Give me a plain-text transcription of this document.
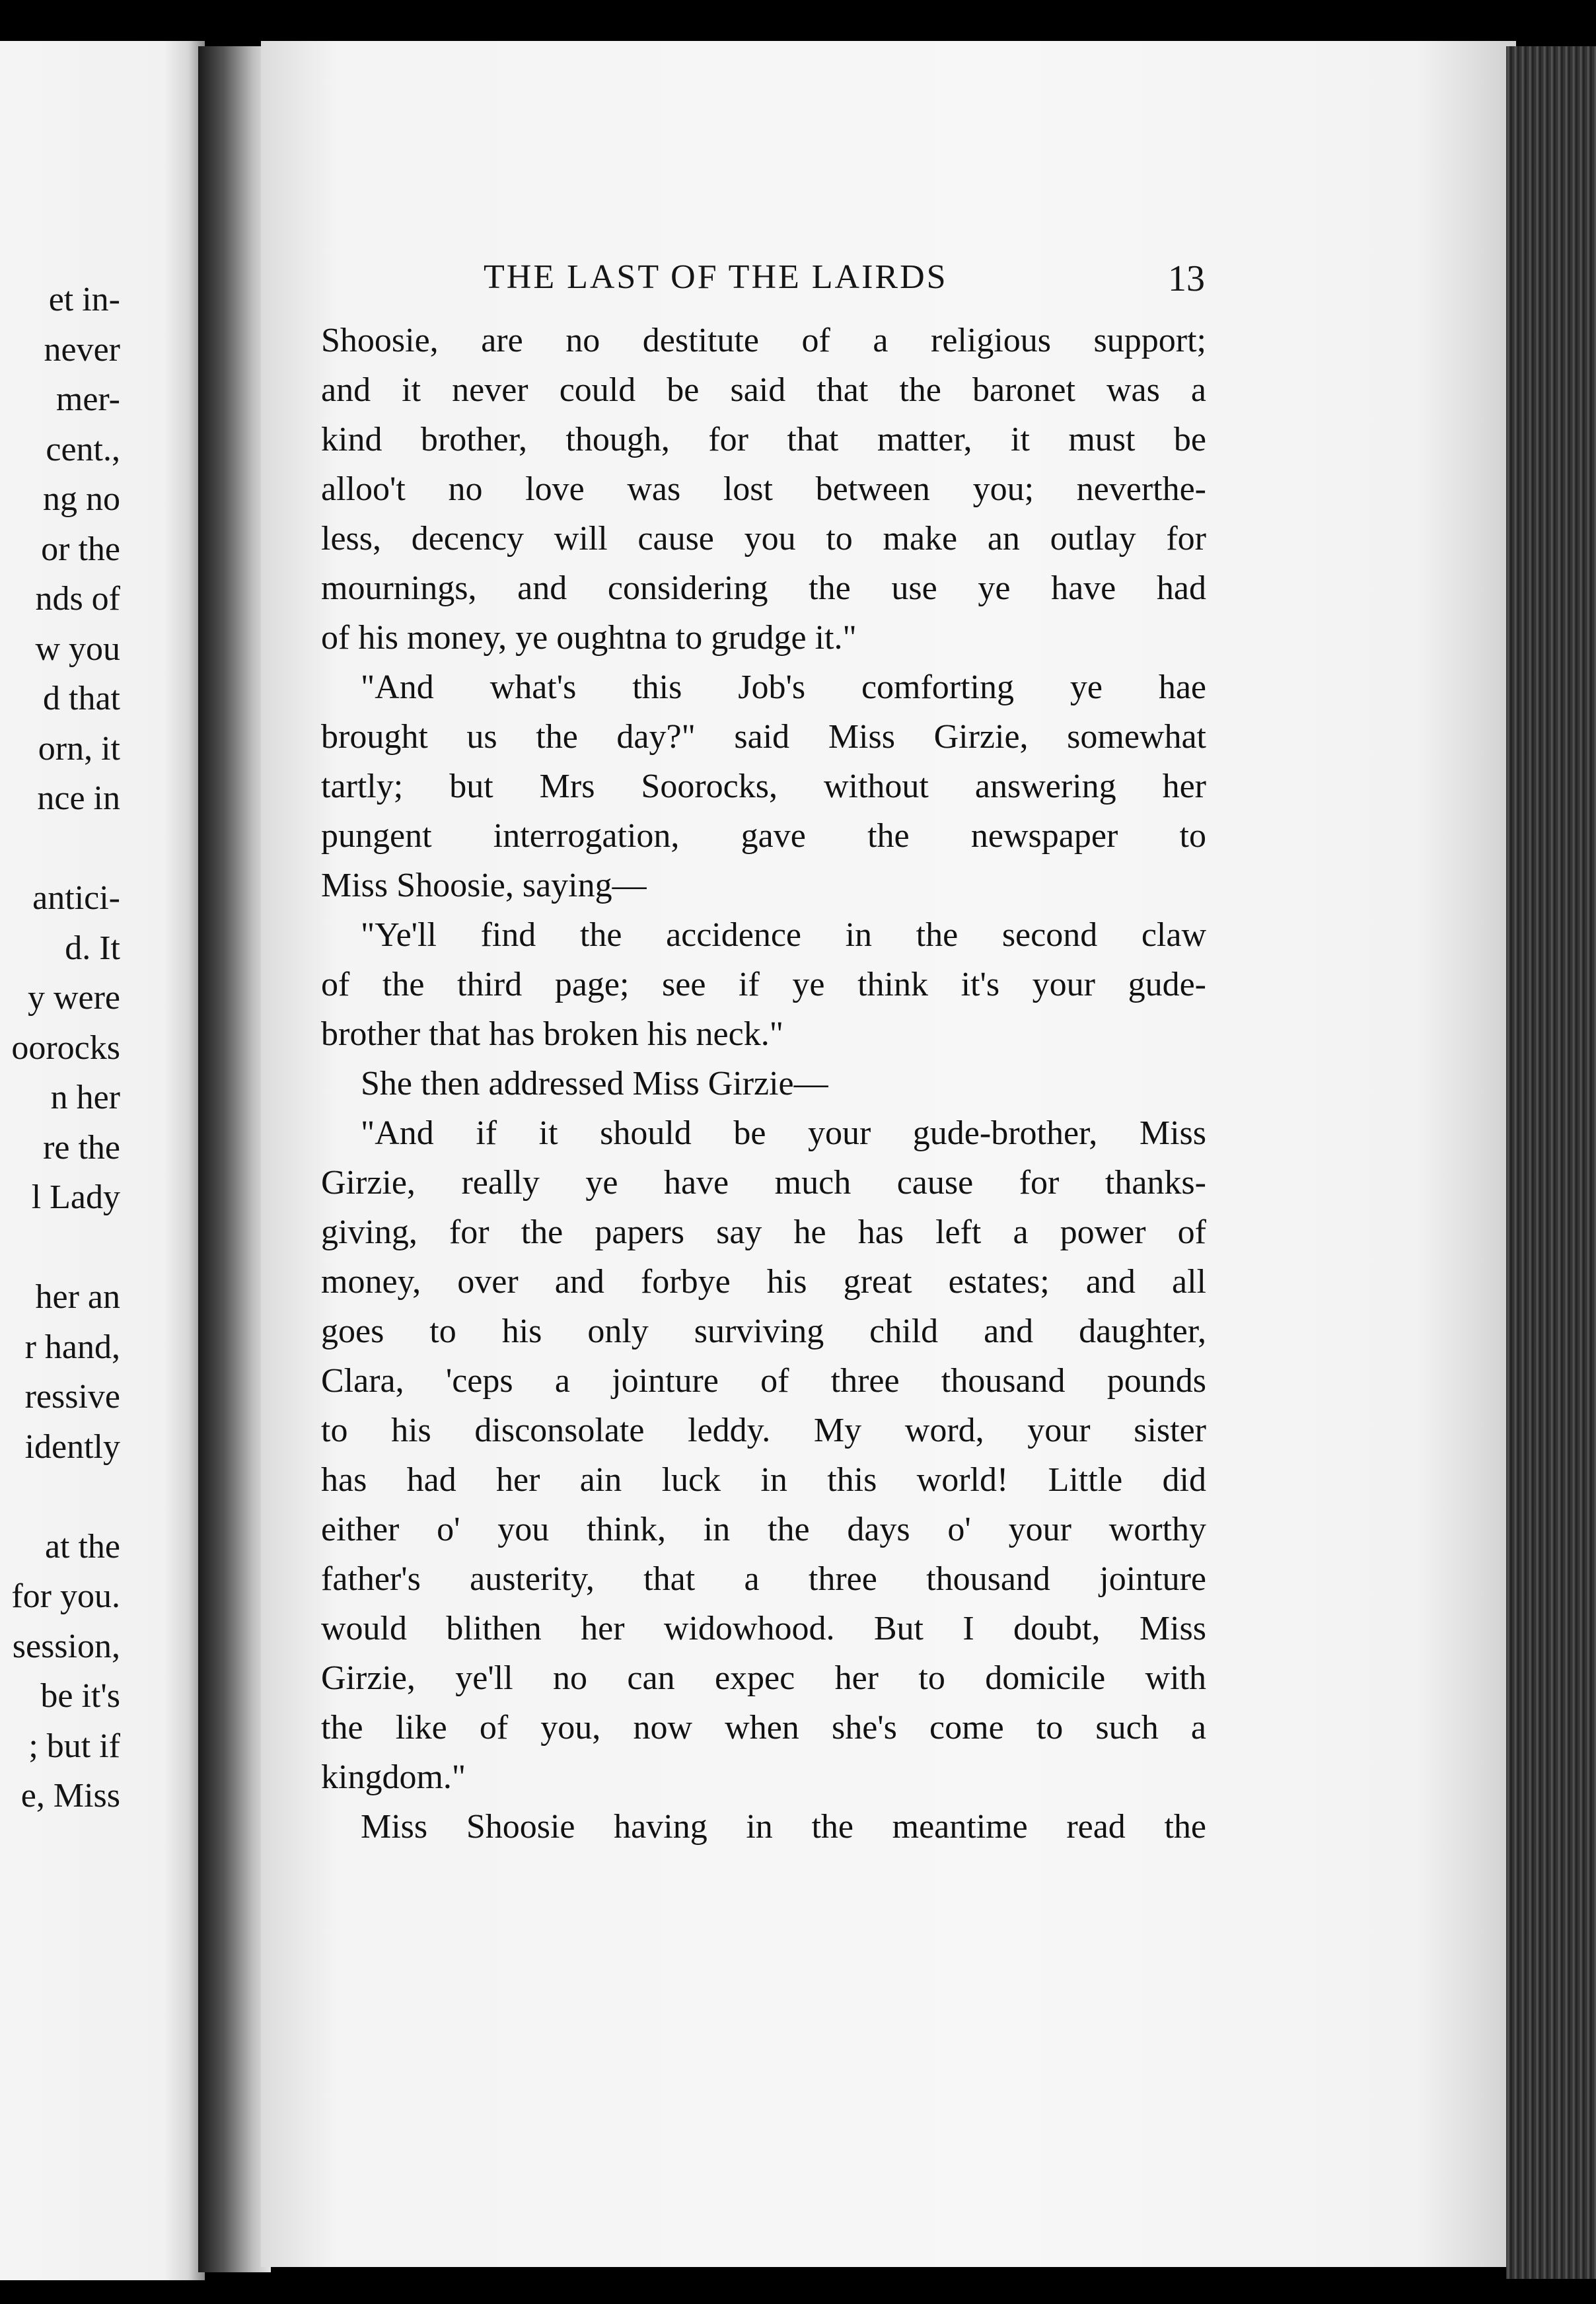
et in-
never
mer-
cent.,
ng no
or the
nds of
w you
d that
orn, it
nce in
antici-
d. It
y were
oorocks
n her
re the
l Lady
her an
r hand,
ressive
idently
at the
for you.
session,
be it's
; but if
e, Miss
THE LAST OF THE LAIRDS	13
Shoosie, are no destitute of a religious support;
and it never could be said that the baronet was a
kind brother, though, for that matter, it must be
alloo't no love was lost between you; neverthe-
less, decency will cause you to make an outlay for
mournings, and considering the use ye have had
of his money, ye oughtna to grudge it."
"And what's this Job's comforting ye hae
brought us the day?" said Miss Girzie, somewhat
tartly; but Mrs Soorocks, without answering her
pungent interrogation, gave the newspaper to
Miss Shoosie, saying—
"Ye'll find the accidence in the second claw
of the third page; see if ye think it's your gude-
brother that has broken his neck."
She then addressed Miss Girzie—
"And if it should be your gude-brother, Miss
Girzie, really ye have much cause for thanks-
giving, for the papers say he has left a power of
money, over and forbye his great estates; and all
goes to his only surviving child and daughter,
Clara, 'ceps a jointure of three thousand pounds
to his disconsolate leddy. My word, your sister
has had her ain luck in this world! Little did
either o' you think, in the days o' your worthy
father's austerity, that a three thousand jointure
would blithen her widowhood. But I doubt, Miss
Girzie, ye'll no can expec her to domicile with
the like of you, now when she's come to such a
kingdom."
Miss Shoosie having in the meantime read the
